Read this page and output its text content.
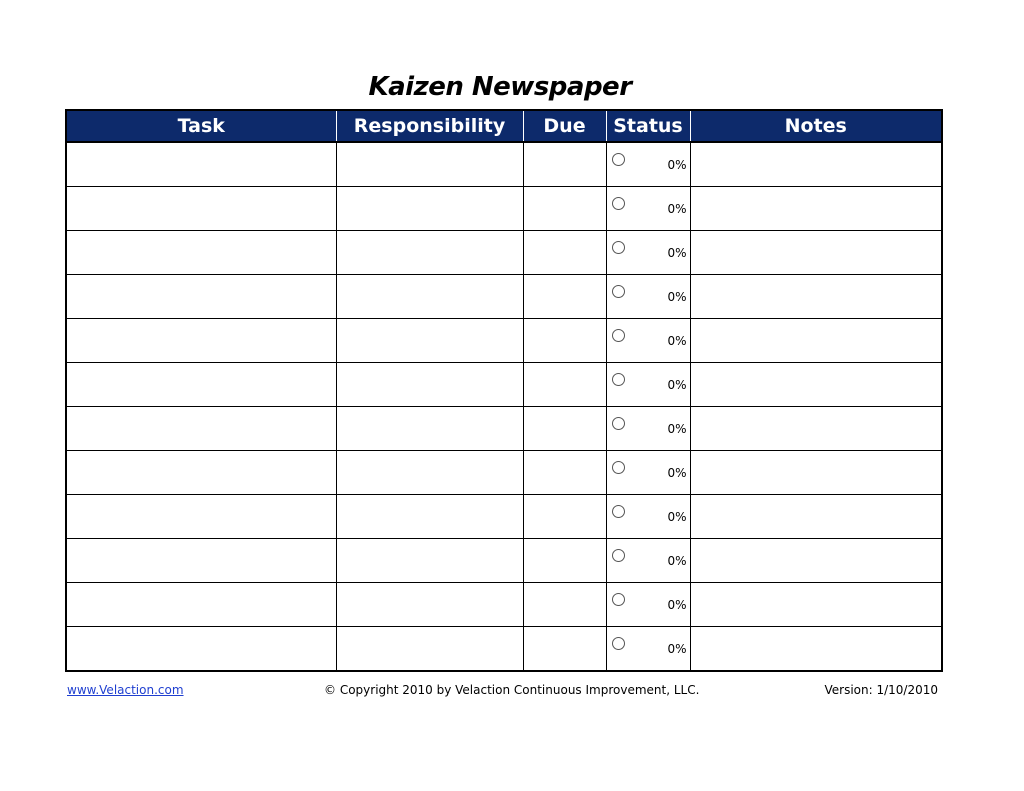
Kaizen Newspaper
Task	Responsibility	Due	Status	Notes

			0%	

			0%	

			0%	

			0%	

			0%	

			0%	

			0%	

			0%	

			0%	

			0%	

			0%	

			0%	

www.Velaction.com	© Copyright 2010 by Velaction Continuous Improvement, LLC.	Version: 1/10/2010
